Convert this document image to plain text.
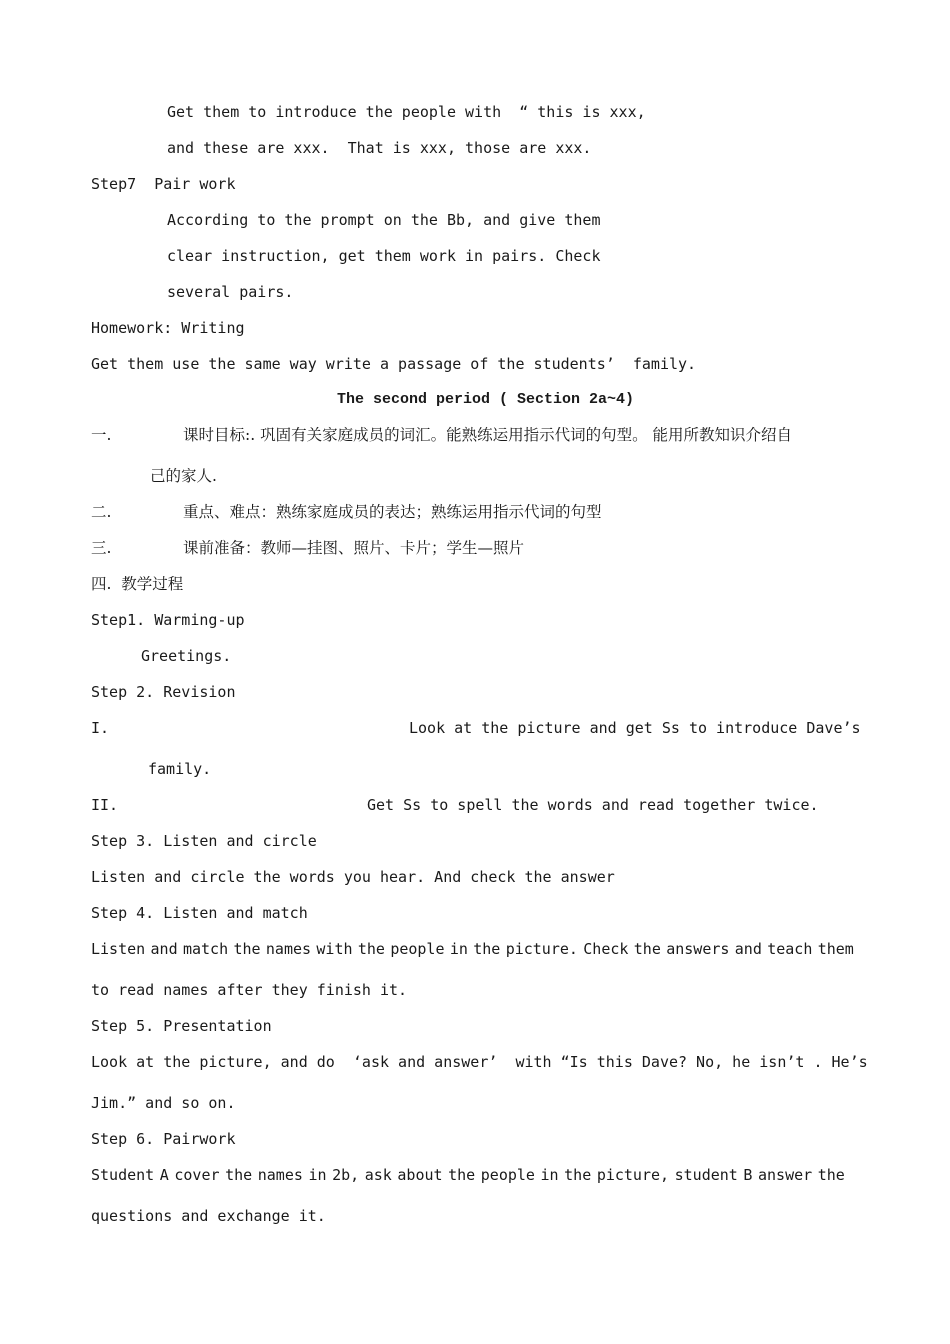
Get them to introduce the people with  “ this is xxx,
and these are xxx.  That is xxx, those are xxx.
Step7  Pair work
According to the prompt on the Bb, and give them
clear instruction, get them work in pairs. Check
several pairs.
Homework: Writing
Get them use the same way write a passage of the students’  family.
The second period ( Section 2a~4)
一.	课时目标:. 巩固有关家庭成员的词汇。能熟练运用指示代词的句型。 能用所教知识介绍自
己的家人.
二.	重点、难点：熟练家庭成员的表达；熟练运用指示代词的句型
三.	课前准备：教师—挂图、照片、卡片；学生—照片
四.  教学过程
Step1. Warming-up
Greetings.
Step 2. Revision
I.	Look at the picture and get Ss to introduce Dave’s
family.
II.	Get Ss to spell the words and read together twice.
Step 3. Listen and circle
Listen and circle the words you hear. And check the answer
Step 4. Listen and match
Listen and match the names with the people in the picture. Check the answers and teach them
to read names after they finish it.
Step 5. Presentation
Look at the picture, and do  ‘ask and answer’  with “Is this Dave? No, he isn’t . He’s
Jim.” and so on.
Step 6. Pairwork
Student A cover the names in 2b, ask about the people in the picture, student B answer the
questions and exchange it.
